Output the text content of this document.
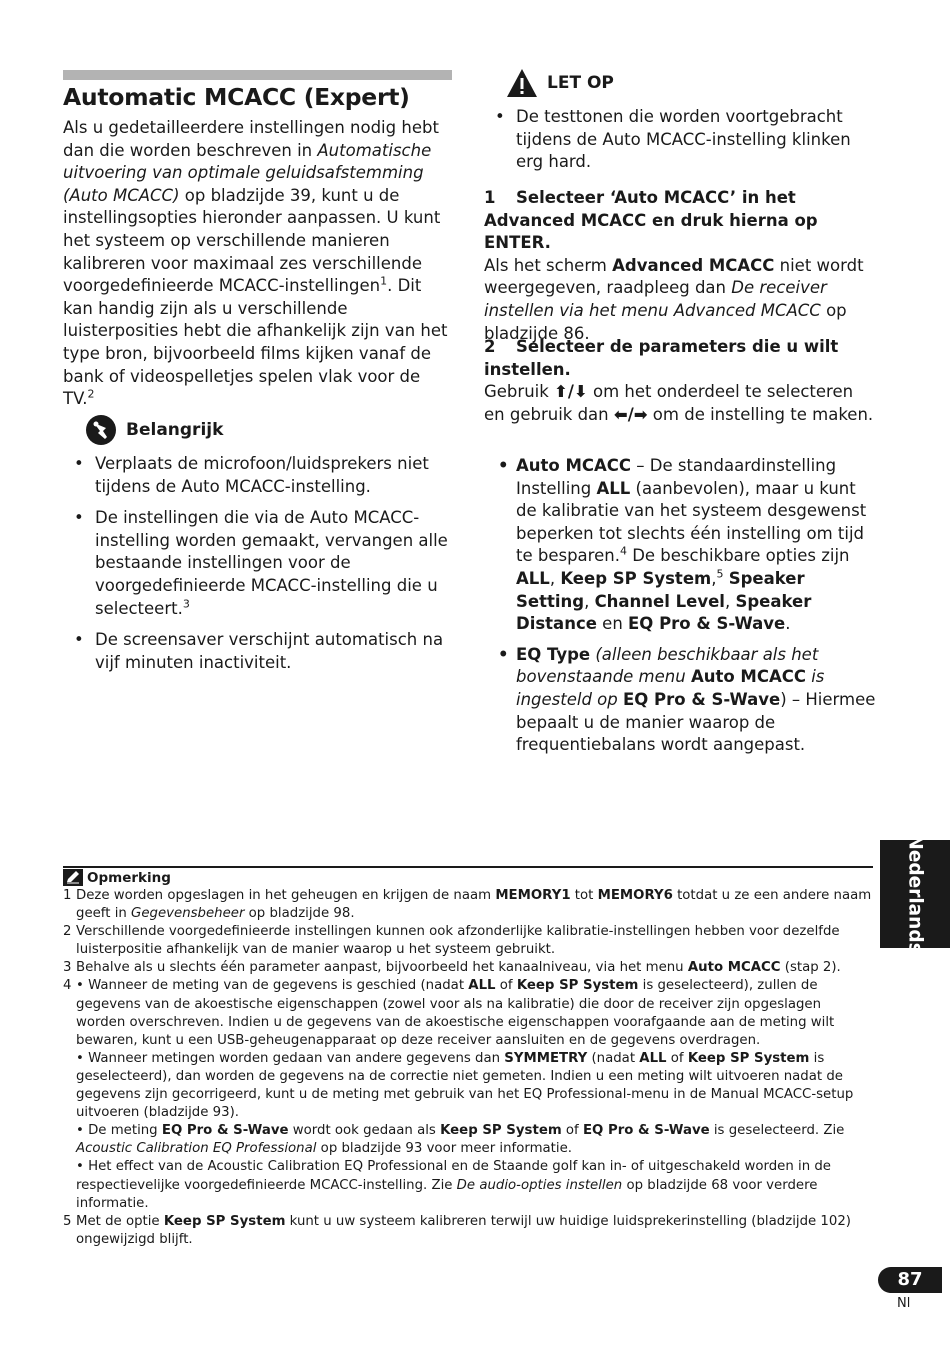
Automatic MCACC (Expert)

Als u gedetailleerdere instellingen nodig hebt dan die worden beschreven in Automatische uitvoering van optimale geluidsafstemming (Auto MCACC) op bladzijde 39, kunt u de instellingsopties hieronder aanpassen. U kunt het systeem op verschillende manieren kalibreren voor maximaal zes verschillende voorgedefinieerde MCACC-instellingen$^1$. Dit kan handig zijn als u verschillende luisterposities hebt die afhankelijk zijn van het type bron, bijvoorbeeld films kijken vanaf de bank of videospelletjes spelen vlak voor de TV.$^2$

Belangrijk
• Verplaats de microfoon/luidsprekers niet tijdens de Auto MCACC-instelling.
• De instellingen die via de Auto MCACC-instelling worden gemaakt, vervangen alle bestaande instellingen voor de voorgedefinieerde MCACC-instelling die u selecteert.$^3$
• De screensaver verschijnt automatisch na vijf minuten inactiviteit.
LET OP
• De testtonen die worden voortgebracht tijdens de Auto MCACC-instelling klinken erg hard.
1 Selecteer ‘Auto MCACC’ in het Advanced MCACC en druk hierna op ENTER.
Als het scherm Advanced MCACC niet wordt weergegeven, raadpleeg dan De receiver instellen via het menu Advanced MCACC op bladzijde 86.
2 Selecteer de parameters die u wilt instellen.
Gebruik ⬆/⬇ om het onderdeel te selecteren en gebruik dan ⬅/➡ om de instelling te maken.
• Auto MCACC – De standaardinstelling Instelling ALL (aanbevolen), maar u kunt de kalibratie van het systeem desgewenst beperken tot slechts één instelling om tijd te besparen.$^4$ De beschikbare opties zijn ALL, Keep SP System,$^5$ Speaker Setting, Channel Level, Speaker Distance en EQ Pro & S-Wave.
• EQ Type (alleen beschikbaar als het bovenstaande menu Auto MCACC is ingesteld op EQ Pro & S-Wave) – Hiermee bepaalt u de manier waarop de frequentiebalans wordt aangepast.
Opmerking
1 Deze worden opgeslagen in het geheugen en krijgen de naam MEMORY1 tot MEMORY6 totdat u ze een andere naam geeft in Gegevensbeheer op bladzijde 98.
2 Verschillende voorgedefinieerde instellingen kunnen ook afzonderlijke kalibratie-instellingen hebben voor dezelfde luisterpositie afhankelijk van de manier waarop u het systeem gebruikt.
3 Behalve als u slechts één parameter aanpast, bijvoorbeeld het kanaalniveau, via het menu Auto MCACC (stap 2).
4 • Wanneer de meting van de gegevens is geschied (nadat ALL of Keep SP System is geselecteerd), zullen de gegevens van de akoestische eigenschappen (zowel voor als na kalibratie) die door de receiver zijn opgeslagen worden overschreven. Indien u de gegevens van de akoestische eigenschappen voorafgaande aan de meting wilt bewaren, kunt u een USB-geheugenapparaat op deze receiver aansluiten en de gegevens overdragen.
• Wanneer metingen worden gedaan van andere gegevens dan SYMMETRY (nadat ALL of Keep SP System is geselecteerd), dan worden de gegevens na de correctie niet gemeten. Indien u een meting wilt uitvoeren nadat de gegevens zijn gecorrigeerd, kunt u de meting met gebruik van het EQ Professional-menu in de Manual MCACC-setup uitvoeren (bladzijde 93).
• De meting EQ Pro & S-Wave wordt ook gedaan als Keep SP System of EQ Pro & S-Wave is geselecteerd. Zie Acoustic Calibration EQ Professional op bladzijde 93 voor meer informatie.
• Het effect van de Acoustic Calibration EQ Professional en de Staande golf kan in- of uitgeschakeld worden in de respectievelijke voorgedefinieerde MCACC-instelling. Zie De audio-opties instellen op bladzijde 68 voor verdere informatie.
5 Met de optie Keep SP System kunt u uw systeem kalibreren terwijl uw huidige luidsprekerinstelling (bladzijde 102) ongewijzigd blijft.
Nederlands
87
Nl
